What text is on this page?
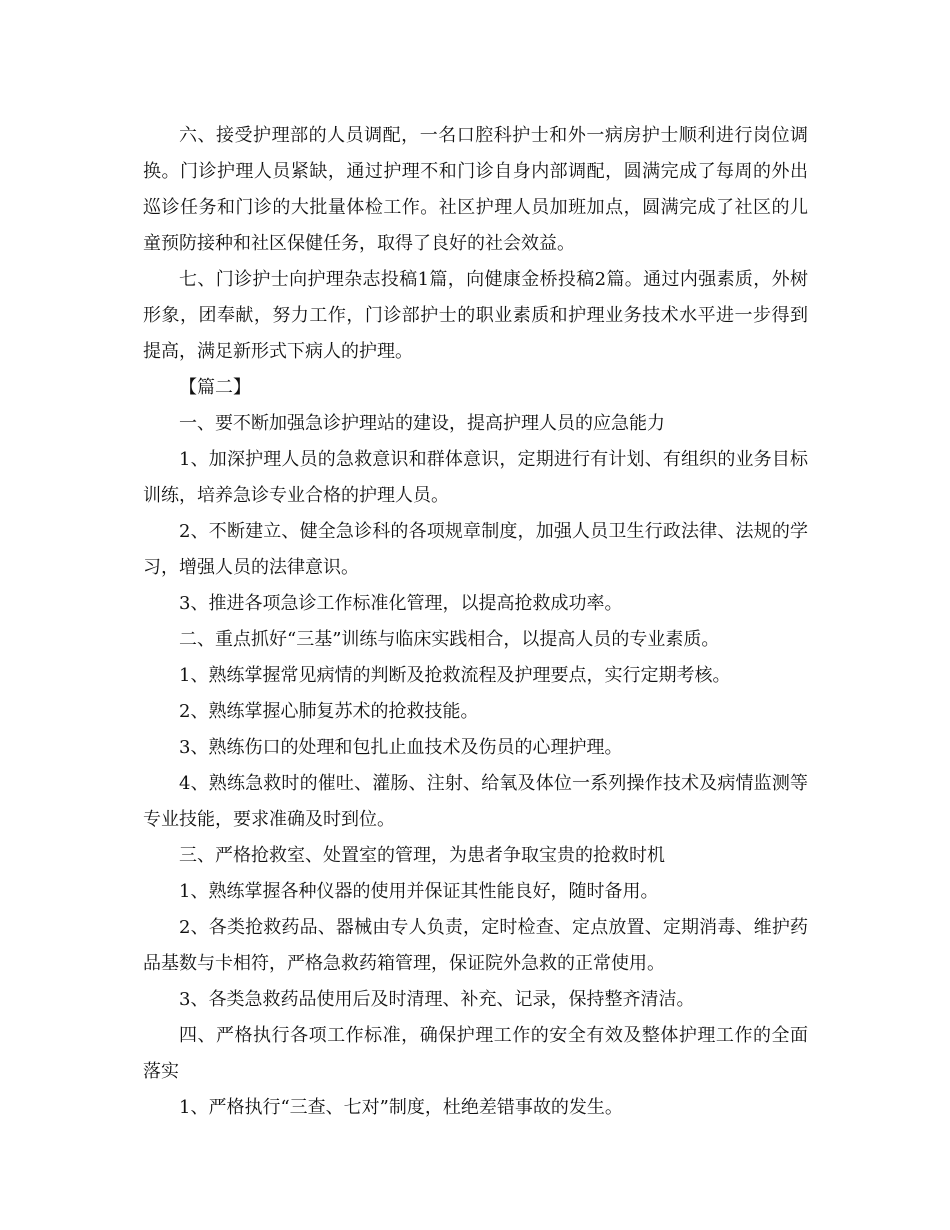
六、接受护理部的人员调配，一名口腔科护士和外一病房护士顺利进行岗位调换。门诊护理人员紧缺，通过护理不和门诊自身内部调配，圆满完成了每周的外出巡诊任务和门诊的大批量体检工作。社区护理人员加班加点，圆满完成了社区的儿童预防接种和社区保健任务，取得了良好的社会效益。

七、门诊护士向护理杂志投稿1篇，向健康金桥投稿2篇。通过内强素质，外树形象，团奉献，努力工作，门诊部护士的职业素质和护理业务技术水平进一步得到提高，满足新形式下病人的护理。

【篇二】

一、要不断加强急诊护理站的建设，提高护理人员的应急能力

1、加深护理人员的急救意识和群体意识，定期进行有计划、有组织的业务目标训练，培养急诊专业合格的护理人员。

2、不断建立、健全急诊科的各项规章制度，加强人员卫生行政法律、法规的学习，增强人员的法律意识。

3、推进各项急诊工作标准化管理，以提高抢救成功率。

二、重点抓好“三基”训练与临床实践相合，以提高人员的专业素质。

1、熟练掌握常见病情的判断及抢救流程及护理要点，实行定期考核。

2、熟练掌握心肺复苏术的抢救技能。

3、熟练伤口的处理和包扎止血技术及伤员的心理护理。

4、熟练急救时的催吐、灌肠、注射、给氧及体位一系列操作技术及病情监测等专业技能，要求准确及时到位。

三、严格抢救室、处置室的管理，为患者争取宝贵的抢救时机

1、熟练掌握各种仪器的使用并保证其性能良好，随时备用。

2、各类抢救药品、器械由专人负责，定时检查、定点放置、定期消毒、维护药品基数与卡相符，严格急救药箱管理，保证院外急救的正常使用。

3、各类急救药品使用后及时清理、补充、记录，保持整齐清洁。

四、严格执行各项工作标准，确保护理工作的安全有效及整体护理工作的全面落实

1、严格执行“三查、七对”制度，杜绝差错事故的发生。
